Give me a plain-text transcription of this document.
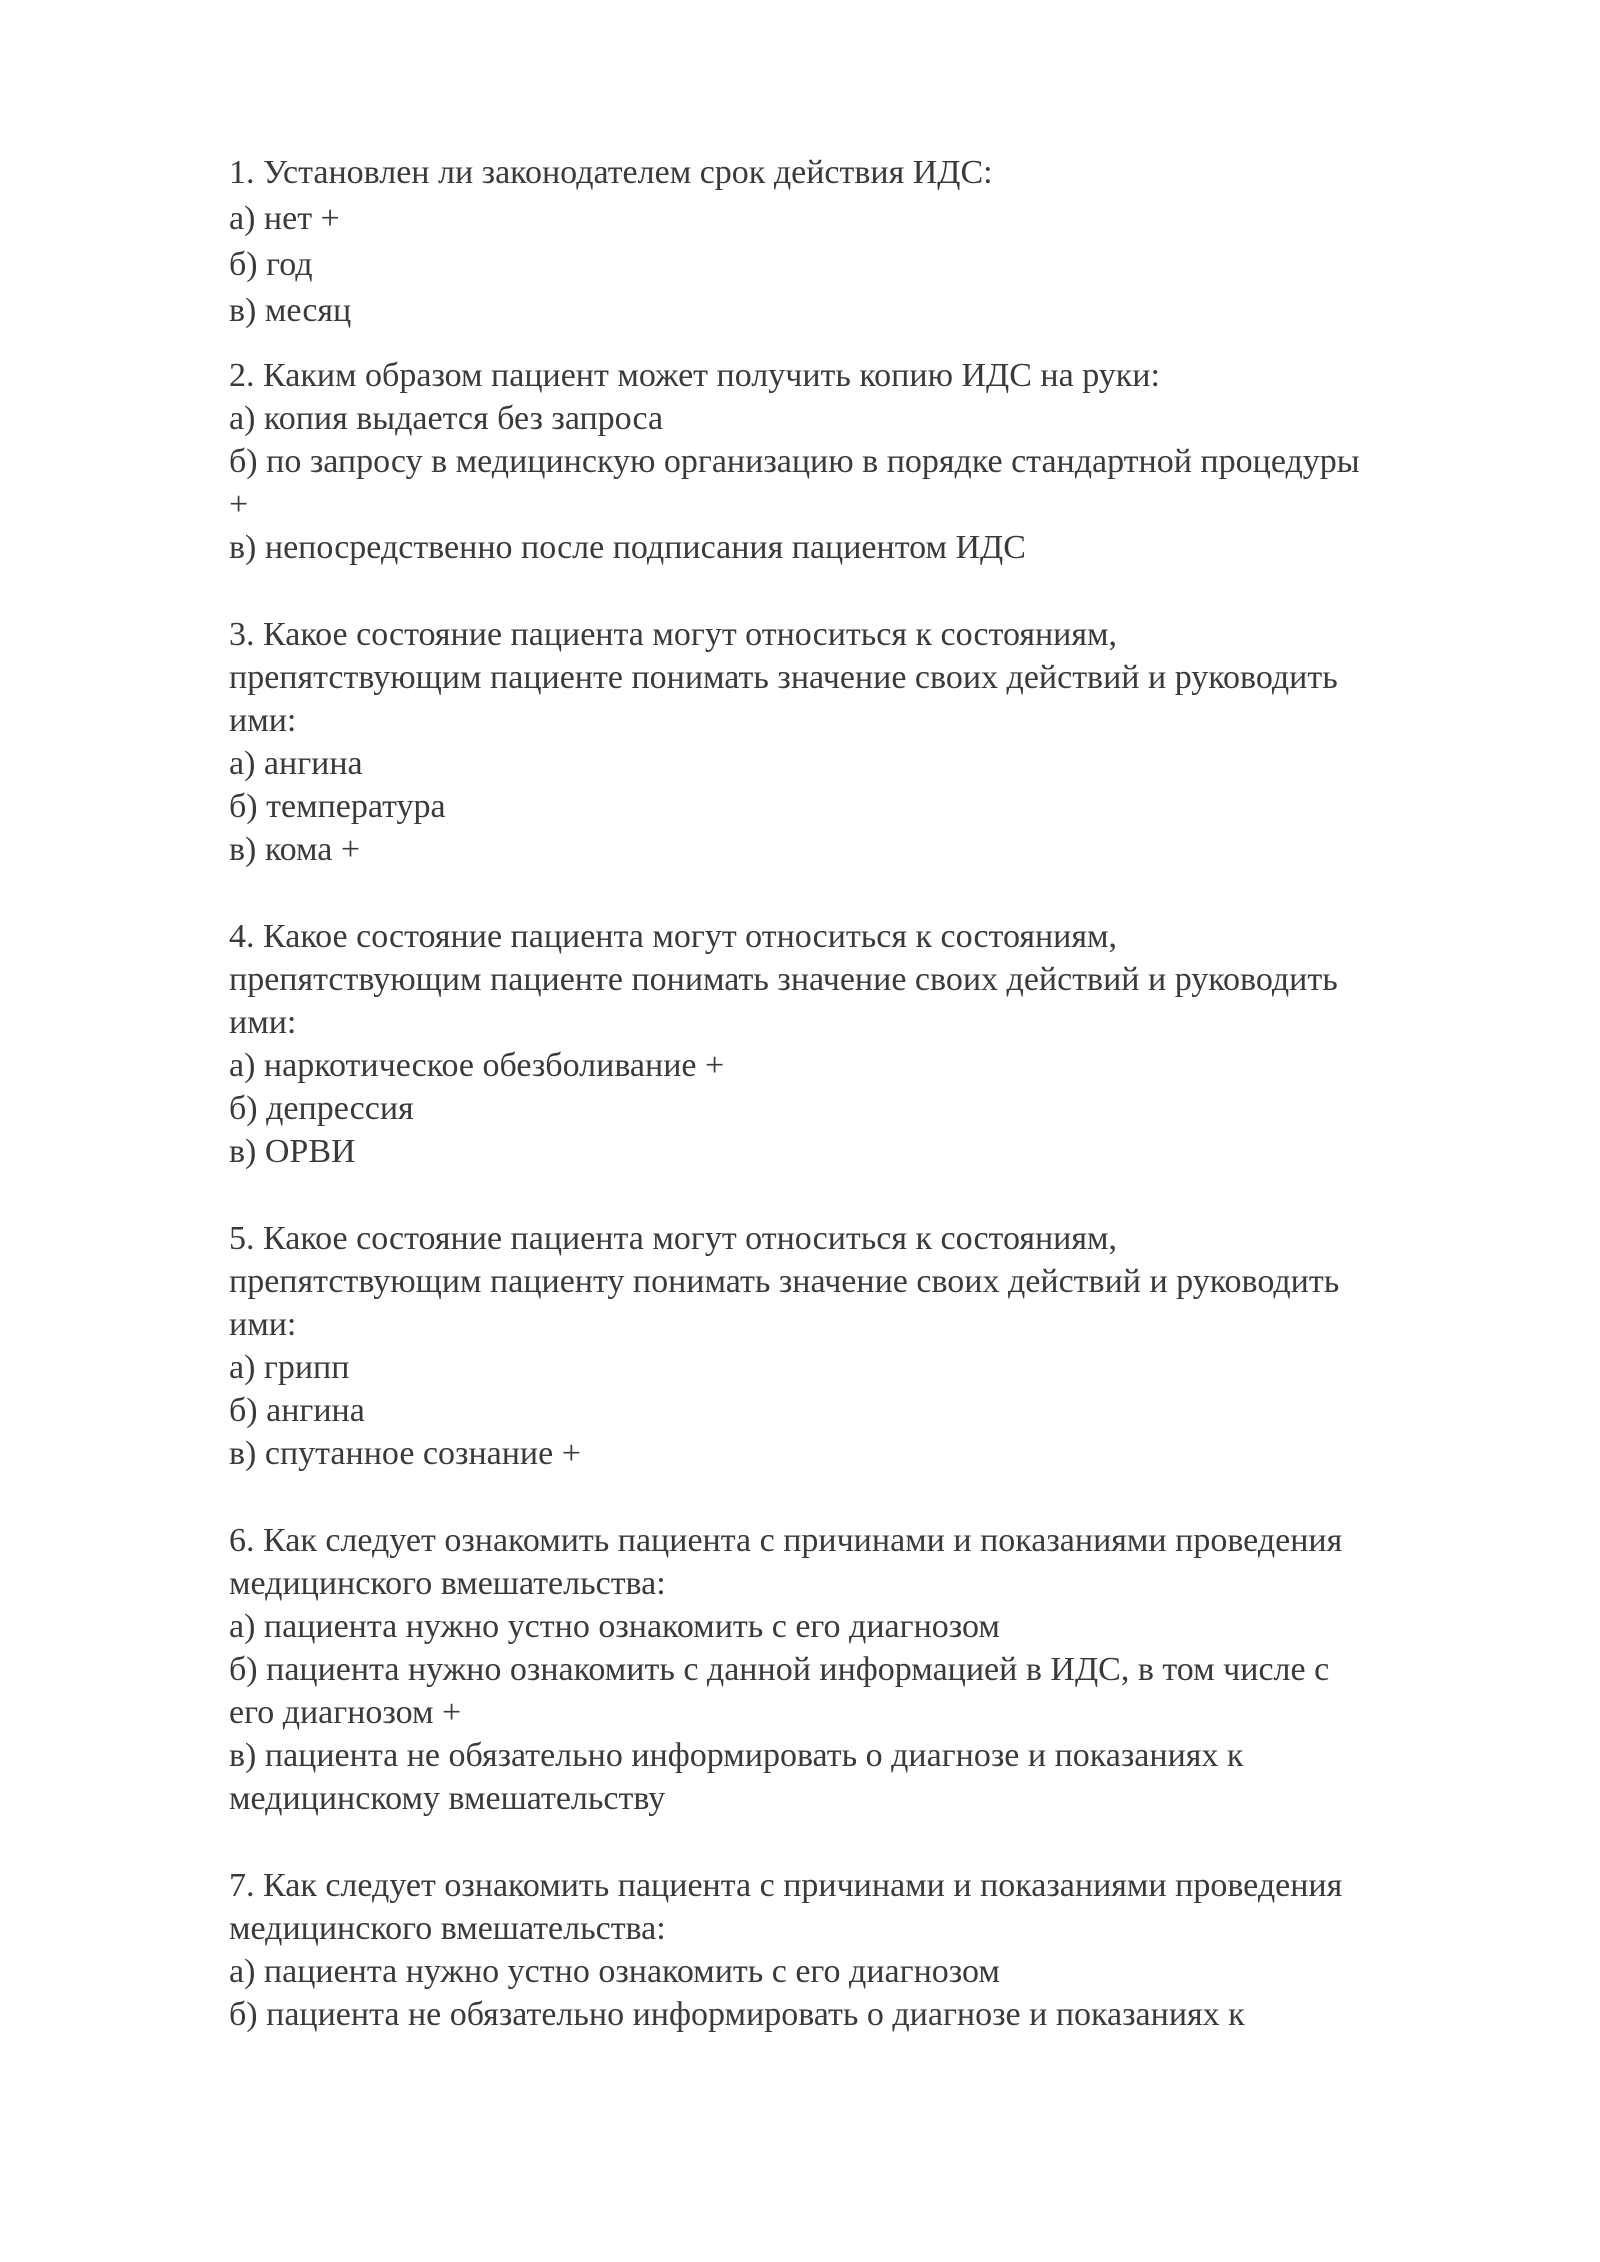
1. Установлен ли законодателем срок действия ИДС:
а) нет +
б) год
в) месяц
2. Каким образом пациент может получить копию ИДС на руки:
а) копия выдается без запроса
б) по запросу в медицинскую организацию в порядке стандартной процедуры
+
в) непосредственно после подписания пациентом ИДС
3. Какое состояние пациента могут относиться к состояниям,
препятствующим пациенте понимать значение своих действий и руководить
ими:
а) ангина
б) температура
в) кома +
4. Какое состояние пациента могут относиться к состояниям,
препятствующим пациенте понимать значение своих действий и руководить
ими:
а) наркотическое обезболивание +
б) депрессия
в) ОРВИ
5. Какое состояние пациента могут относиться к состояниям,
препятствующим пациенту понимать значение своих действий и руководить
ими:
а) грипп
б) ангина
в) спутанное сознание +
6. Как следует ознакомить пациента с причинами и показаниями проведения
медицинского вмешательства:
а) пациента нужно устно ознакомить с его диагнозом
б) пациента нужно ознакомить с данной информацией в ИДС, в том числе с
его диагнозом +
в) пациента не обязательно информировать о диагнозе и показаниях к
медицинскому вмешательству
7. Как следует ознакомить пациента с причинами и показаниями проведения
медицинского вмешательства:
а) пациента нужно устно ознакомить с его диагнозом
б) пациента не обязательно информировать о диагнозе и показаниях к
